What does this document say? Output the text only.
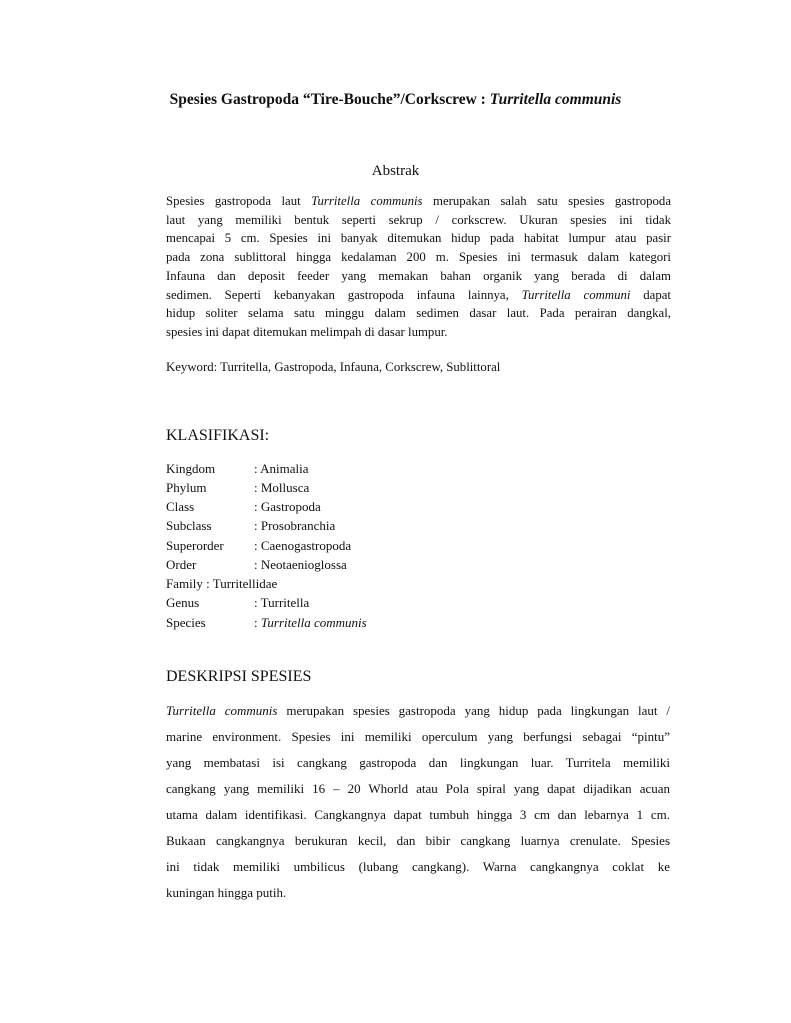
Spesies Gastropoda “Tire-Bouche”/Corkscrew : Turritella communis
Abstrak

Spesies gastropoda laut Turritella communis merupakan salah satu spesies gastropoda
laut yang memiliki bentuk seperti sekrup / corkscrew. Ukuran spesies ini tidak
mencapai 5 cm. Spesies ini banyak ditemukan hidup pada habitat lumpur atau pasir
pada zona sublittoral hingga kedalaman 200 m. Spesies ini termasuk dalam kategori
Infauna dan deposit feeder yang memakan bahan organik yang berada di dalam
sedimen. Seperti kebanyakan gastropoda infauna lainnya, Turritella communi dapat
hidup soliter selama satu minggu dalam sedimen dasar laut. Pada perairan dangkal,
spesies ini dapat ditemukan melimpah di dasar lumpur.

Keyword: Turritella, Gastropoda, Infauna, Corkscrew, Sublittoral

KLASIFIKASI:
Kingdom	: Animalia
Phylum	: Mollusca
Class	: Gastropoda
Subclass	: Prosobranchia
Superorder : Caenogastropoda
Order	: Neotaenioglossa
Family : Turritellidae
Genus	: Turritella
Species	: Turritella communis
DESKRIPSI SPESIES

Turritella communis merupakan spesies gastropoda yang hidup pada lingkungan laut /
marine environment. Spesies ini memiliki operculum yang berfungsi sebagai “pintu”
yang membatasi isi cangkang gastropoda dan lingkungan luar. Turritela memiliki
cangkang yang memiliki 16 – 20 Whorld atau Pola spiral yang dapat dijadikan acuan
utama dalam identifikasi. Cangkangnya dapat tumbuh hingga 3 cm dan lebarnya 1 cm.
Bukaan cangkangnya berukuran kecil, dan bibir cangkang luarnya crenulate. Spesies
ini tidak memiliki umbilicus (lubang cangkang). Warna cangkangnya coklat ke
kuningan hingga putih.
